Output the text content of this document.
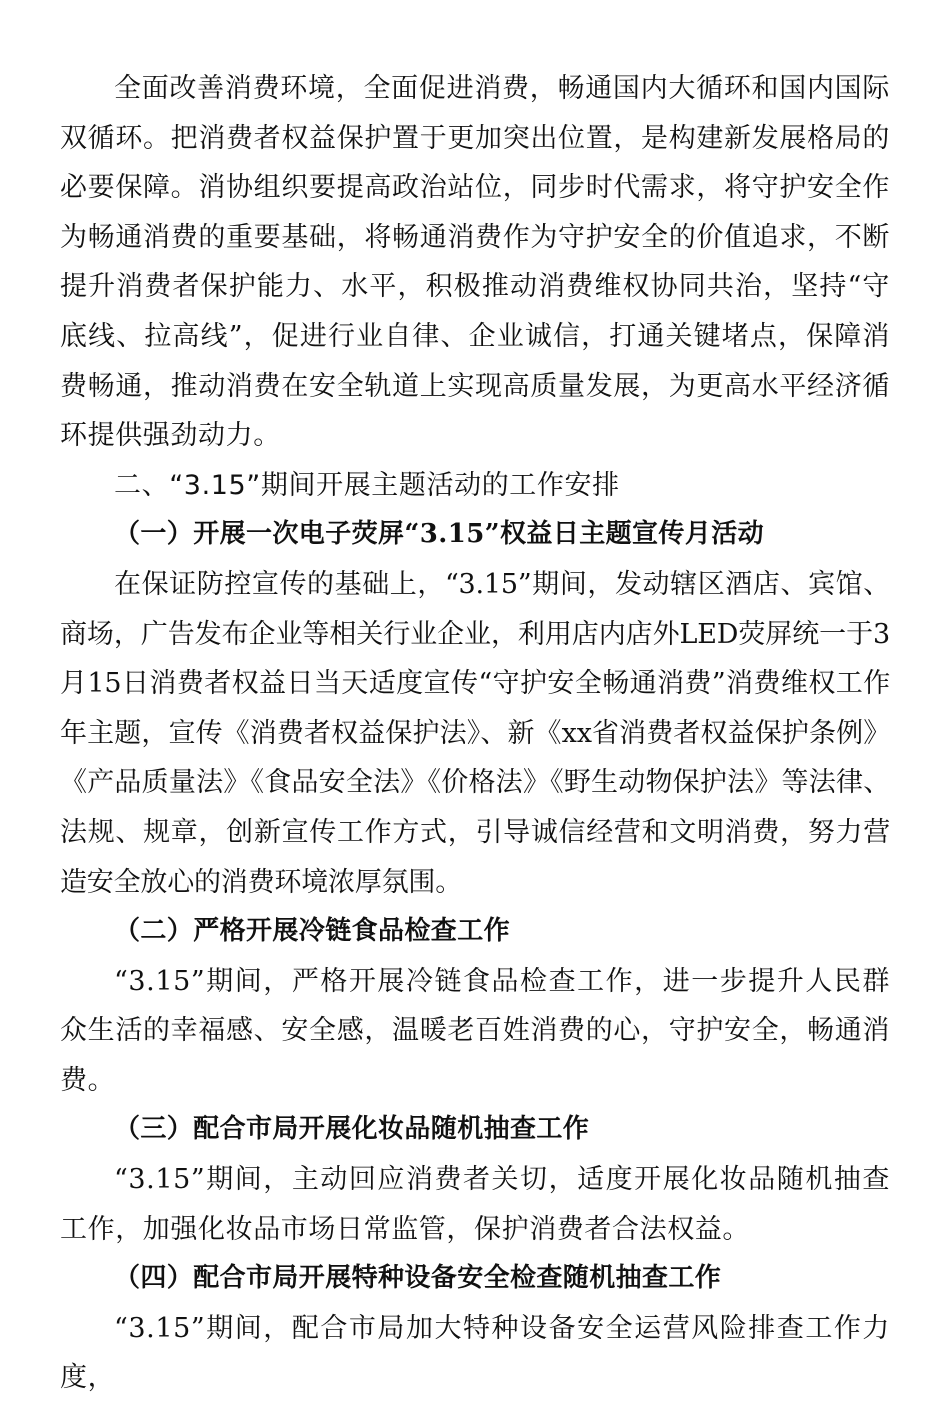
全面改善消费环境，全面促进消费，畅通国内大循环和国内国际双循环。把消费者权益保护置于更加突出位置，是构建新发展格局的必要保障。消协组织要提高政治站位，同步时代需求，将守护安全作为畅通消费的重要基础，将畅通消费作为守护安全的价值追求，不断提升消费者保护能力、水平，积极推动消费维权协同共治，坚持“守底线、拉高线”，促进行业自律、企业诚信，打通关键堵点，保障消费畅通，推动消费在安全轨道上实现高质量发展，为更高水平经济循环提供强劲动力。

二、“3.15”期间开展主题活动的工作安排

（一）开展一次电子荧屏“3.15”权益日主题宣传月活动

在保证防控宣传的基础上，“3.15”期间，发动辖区酒店、宾馆、商场，广告发布企业等相关行业企业，利用店内店外LED荧屏统一于3月15日消费者权益日当天适度宣传“守护安全畅通消费”消费维权工作年主题，宣传《消费者权益保护法》、新《xx省消费者权益保护条例》《产品质量法》《食品安全法》《价格法》《野生动物保护法》等法律、法规、规章，创新宣传工作方式，引导诚信经营和文明消费，努力营造安全放心的消费环境浓厚氛围。

（二）严格开展冷链食品检查工作

“3.15”期间，严格开展冷链食品检查工作，进一步提升人民群众生活的幸福感、安全感，温暖老百姓消费的心，守护安全，畅通消费。

（三）配合市局开展化妆品随机抽查工作

“3.15”期间，主动回应消费者关切，适度开展化妆品随机抽查工作，加强化妆品市场日常监管，保护消费者合法权益。

（四）配合市局开展特种设备安全检查随机抽查工作

“3.15”期间，配合市局加大特种设备安全运营风险排查工作力度，
